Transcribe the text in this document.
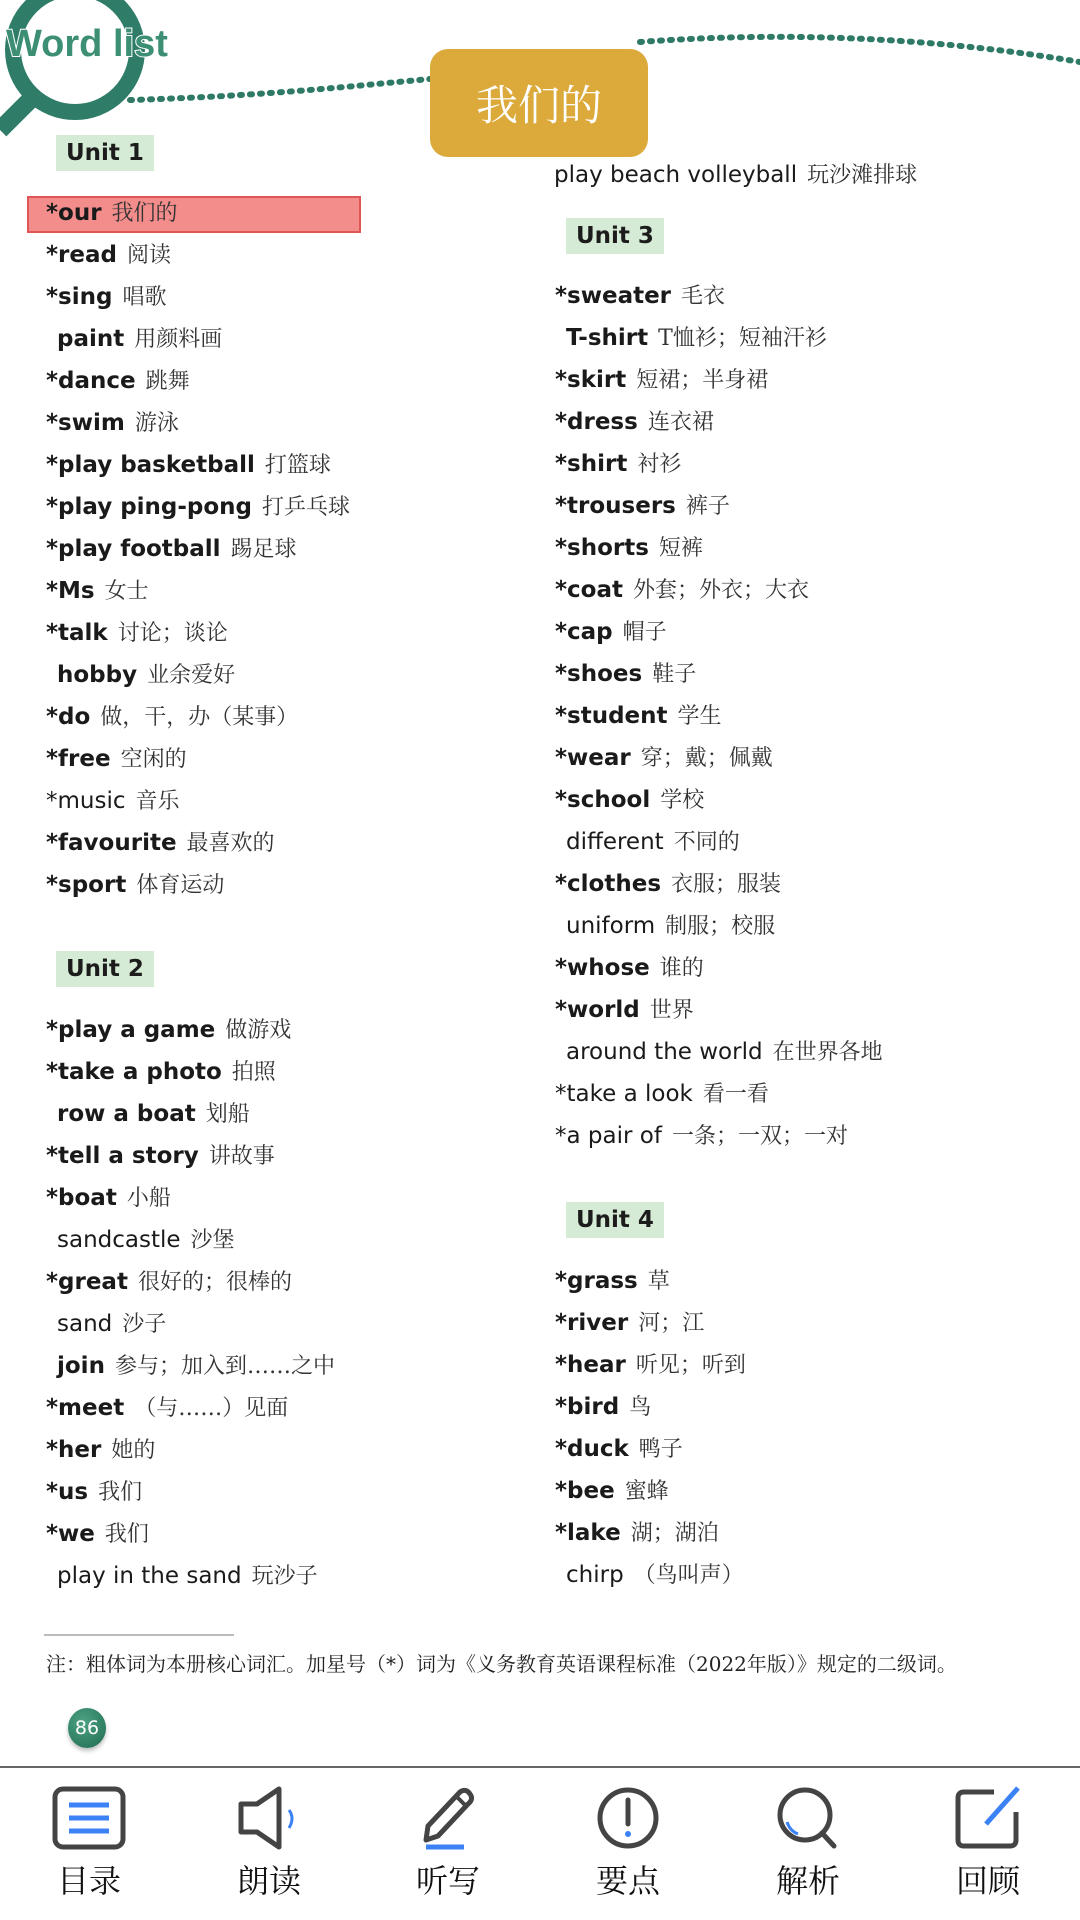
Word list
Unit 1
*our 我们的
*read 阅读
*sing 唱歌
paint 用颜料画
*dance 跳舞
*swim 游泳
*play basketball 打篮球
*play ping-pong 打乒乓球
*play football 踢足球
*Ms 女士
*talk 讨论；谈论
hobby 业余爱好
*do 做，干，办（某事）
*free 空闲的
*music 音乐
*favourite 最喜欢的
*sport 体育运动
Unit 2
*play a game 做游戏
*take a photo 拍照
row a boat 划船
*tell a story 讲故事
*boat 小船
sandcastle 沙堡
*great 很好的；很棒的
sand 沙子
join 参与；加入到……之中
*meet （与……）见面
*her 她的
*us 我们
*we 我们
play in the sand 玩沙子
play beach volleyball 玩沙滩排球
Unit 3
*sweater 毛衣
T-shirt T恤衫；短袖汗衫
*skirt 短裙；半身裙
*dress 连衣裙
*shirt 衬衫
*trousers 裤子
*shorts 短裤
*coat 外套；外衣；大衣
*cap 帽子
*shoes 鞋子
*student 学生
*wear 穿；戴；佩戴
*school 学校
different 不同的
*clothes 衣服；服装
uniform 制服；校服
*whose 谁的
*world 世界
around the world 在世界各地
*take a look 看一看
*a pair of 一条；一双；一对
Unit 4
*grass 草
*river 河；江
*hear 听见；听到
*bird 鸟
*duck 鸭子
*bee 蜜蜂
*lake 湖；湖泊
chirp （鸟叫声）
我们的
注：粗体词为本册核心词汇。加星号（*）词为《义务教育英语课程标准（2022年版）》规定的二级词。
86
目录	朗读	听写	要点	解析	回顾
